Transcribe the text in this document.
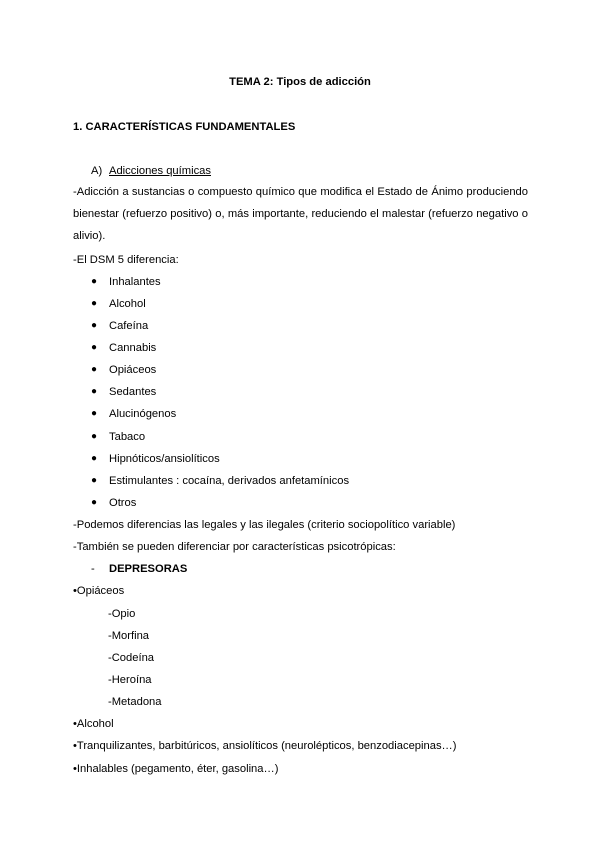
TEMA 2: Tipos de adicción
1. CARACTERÍSTICAS FUNDAMENTALES
A) Adicciones químicas
-Adicción a sustancias o compuesto químico que modifica el Estado de Ánimo produciendo bienestar (refuerzo positivo) o, más importante, reduciendo el malestar (refuerzo negativo o alivio).
-El DSM 5 diferencia:
● Inhalantes
● Alcohol
● Cafeína
● Cannabis
● Opiáceos
● Sedantes
● Alucinógenos
● Tabaco
● Hipnóticos/ansiolíticos
● Estimulantes : cocaína, derivados anfetamínicos
● Otros
-Podemos diferencias las legales y las ilegales (criterio sociopolítico variable)
-También se pueden diferenciar por características psicotrópicas:
- DEPRESORAS
•Opiáceos
-Opio
-Morfina
-Codeína
-Heroína
-Metadona
•Alcohol
•Tranquilizantes, barbitúricos, ansiolíticos (neurolépticos, benzodiacepinas…)
•Inhalables (pegamento, éter, gasolina…)
